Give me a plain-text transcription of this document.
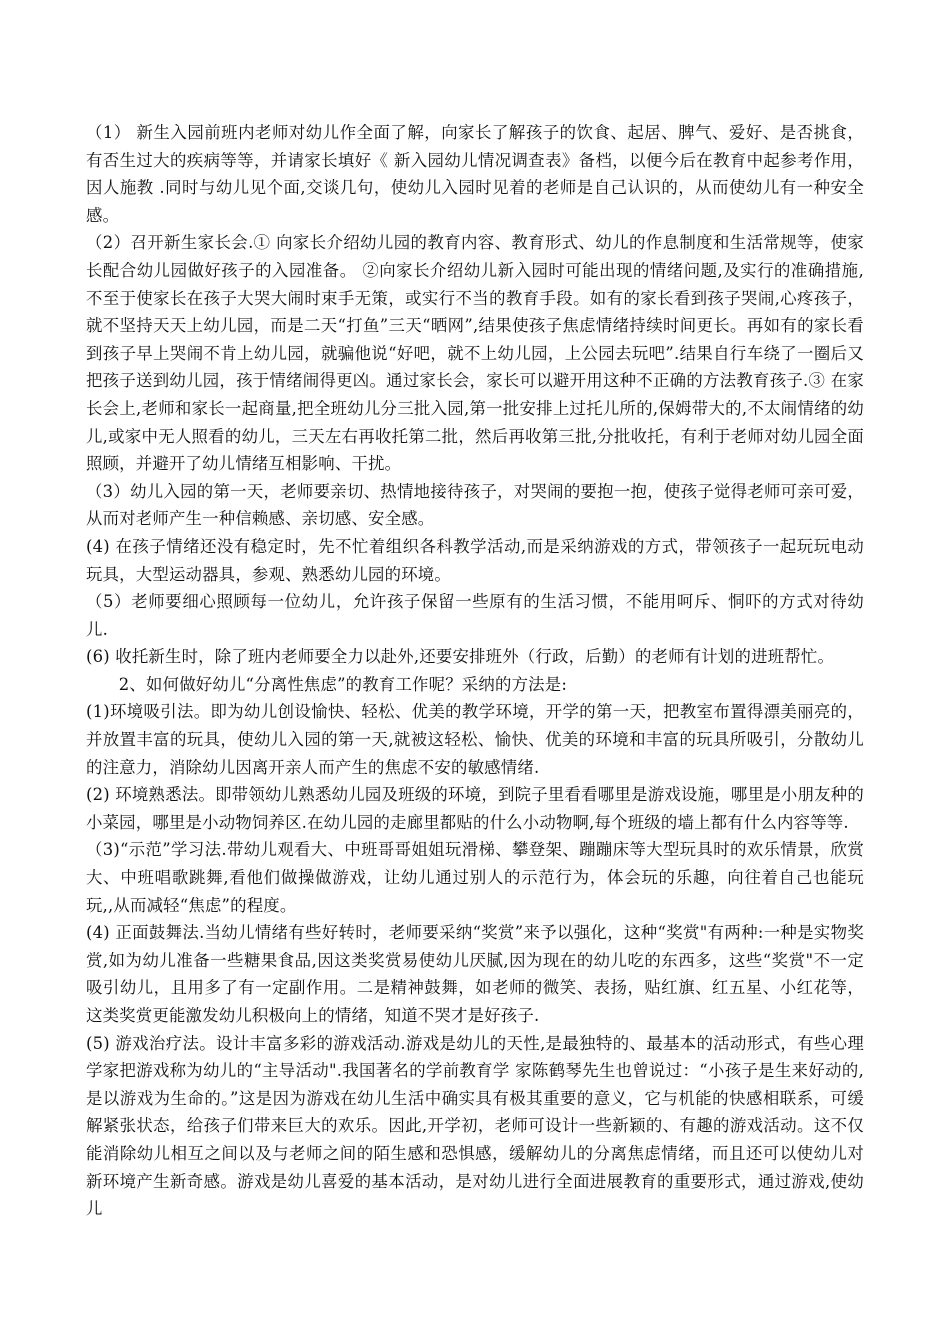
（1） 新生入园前班内老师对幼儿作全面了解，向家长了解孩子的饮食、起居、脾气、爱好、是否挑食，有否生过大的疾病等等，并请家长填好《 新入园幼儿情况调查表》备档，以便今后在教育中起参考作用，因人施教 .同时与幼儿见个面,交谈几句，使幼儿入园时见着的老师是自己认识的，从而使幼儿有一种安全感。

（2）召开新生家长会.① 向家长介绍幼儿园的教育内容、教育形式、幼儿的作息制度和生活常规等，使家长配合幼儿园做好孩子的入园准备。 ②向家长介绍幼儿新入园时可能出现的情绪问题,及实行的准确措施,不至于使家长在孩子大哭大闹时束手无策，或实行不当的教育手段。如有的家长看到孩子哭闹,心疼孩子，就不坚持天天上幼儿园，而是二天“打鱼”三天“晒网”,结果使孩子焦虑情绪持续时间更长。再如有的家长看到孩子早上哭闹不肯上幼儿园，就骗他说“好吧，就不上幼儿园，上公园去玩吧”.结果自行车绕了一圈后又把孩子送到幼儿园，孩于情绪闹得更凶。通过家长会，家长可以避开用这种不正确的方法教育孩子.③ 在家长会上,老师和家长一起商量,把全班幼儿分三批入园,第一批安排上过托儿所的,保姆带大的,不太闹情绪的幼儿,或家中无人照看的幼儿，三天左右再收托第二批，然后再收第三批,分批收托，有利于老师对幼儿园全面照顾，并避开了幼儿情绪互相影响、干扰。

（3）幼儿入园的第一天，老师要亲切、热情地接待孩子，对哭闹的要抱一抱，使孩子觉得老师可亲可爱，从而对老师产生一种信赖感、亲切感、安全感。

(4) 在孩子情绪还没有稳定时，先不忙着组织各科教学活动,而是采纳游戏的方式，带领孩子一起玩玩电动玩具，大型运动器具，参观、熟悉幼儿园的环境。

（5）老师要细心照顾每一位幼儿，允许孩子保留一些原有的生活习惯，不能用呵斥、恫吓的方式对待幼儿.

(6) 收托新生时，除了班内老师要全力以赴外,还要安排班外（行政，后勤）的老师有计划的进班帮忙。

2、如何做好幼儿“分离性焦虑”的教育工作呢？采纳的方法是:

(1)环境吸引法。即为幼儿创设愉快、轻松、优美的教学环境，开学的第一天，把教室布置得漂美丽亮的，并放置丰富的玩具，使幼儿入园的第一天,就被这轻松、愉快、优美的环境和丰富的玩具所吸引，分散幼儿的注意力，消除幼儿因离开亲人而产生的焦虑不安的敏感情绪.

(2) 环境熟悉法。即带领幼儿熟悉幼儿园及班级的环境，到院子里看看哪里是游戏设施，哪里是小朋友种的小菜园，哪里是小动物饲养区.在幼儿园的走廊里都贴的什么小动物啊,每个班级的墙上都有什么内容等等.

（3)“示范”学习法.带幼儿观看大、中班哥哥姐姐玩滑梯、攀登架、蹦蹦床等大型玩具时的欢乐情景，欣赏大、中班唱歌跳舞,看他们做操做游戏，让幼儿通过别人的示范行为，体会玩的乐趣，向往着自己也能玩玩,,从而减轻“焦虑”的程度。

(4) 正面鼓舞法.当幼儿情绪有些好转时，老师要采纳“奖赏”来予以强化，这种“奖赏"有两种:一种是实物奖赏,如为幼儿准备一些糖果食品,因这类奖赏易使幼儿厌腻,因为现在的幼儿吃的东西多，这些“奖赏"不一定吸引幼儿，且用多了有一定副作用。二是精神鼓舞，如老师的微笑、表扬，贴红旗、红五星、小红花等，这类奖赏更能激发幼儿积极向上的情绪，知道不哭才是好孩子.

(5) 游戏治疗法。设计丰富多彩的游戏活动.游戏是幼儿的天性,是最独特的、最基本的活动形式，有些心理学家把游戏称为幼儿的“主导活动".我国著名的学前教育学 家陈鹤琴先生也曾说过：“小孩子是生来好动的,是以游戏为生命的。”这是因为游戏在幼儿生活中确实具有极其重要的意义，它与机能的快感相联系，可缓解紧张状态，给孩子们带来巨大的欢乐。因此,开学初，老师可设计一些新颖的、有趣的游戏活动。这不仅能消除幼儿相互之间以及与老师之间的陌生感和恐惧感，缓解幼儿的分离焦虑情绪，而且还可以使幼儿对新环境产生新奇感。游戏是幼儿喜爱的基本活动，是对幼儿进行全面进展教育的重要形式，通过游戏,使幼儿
